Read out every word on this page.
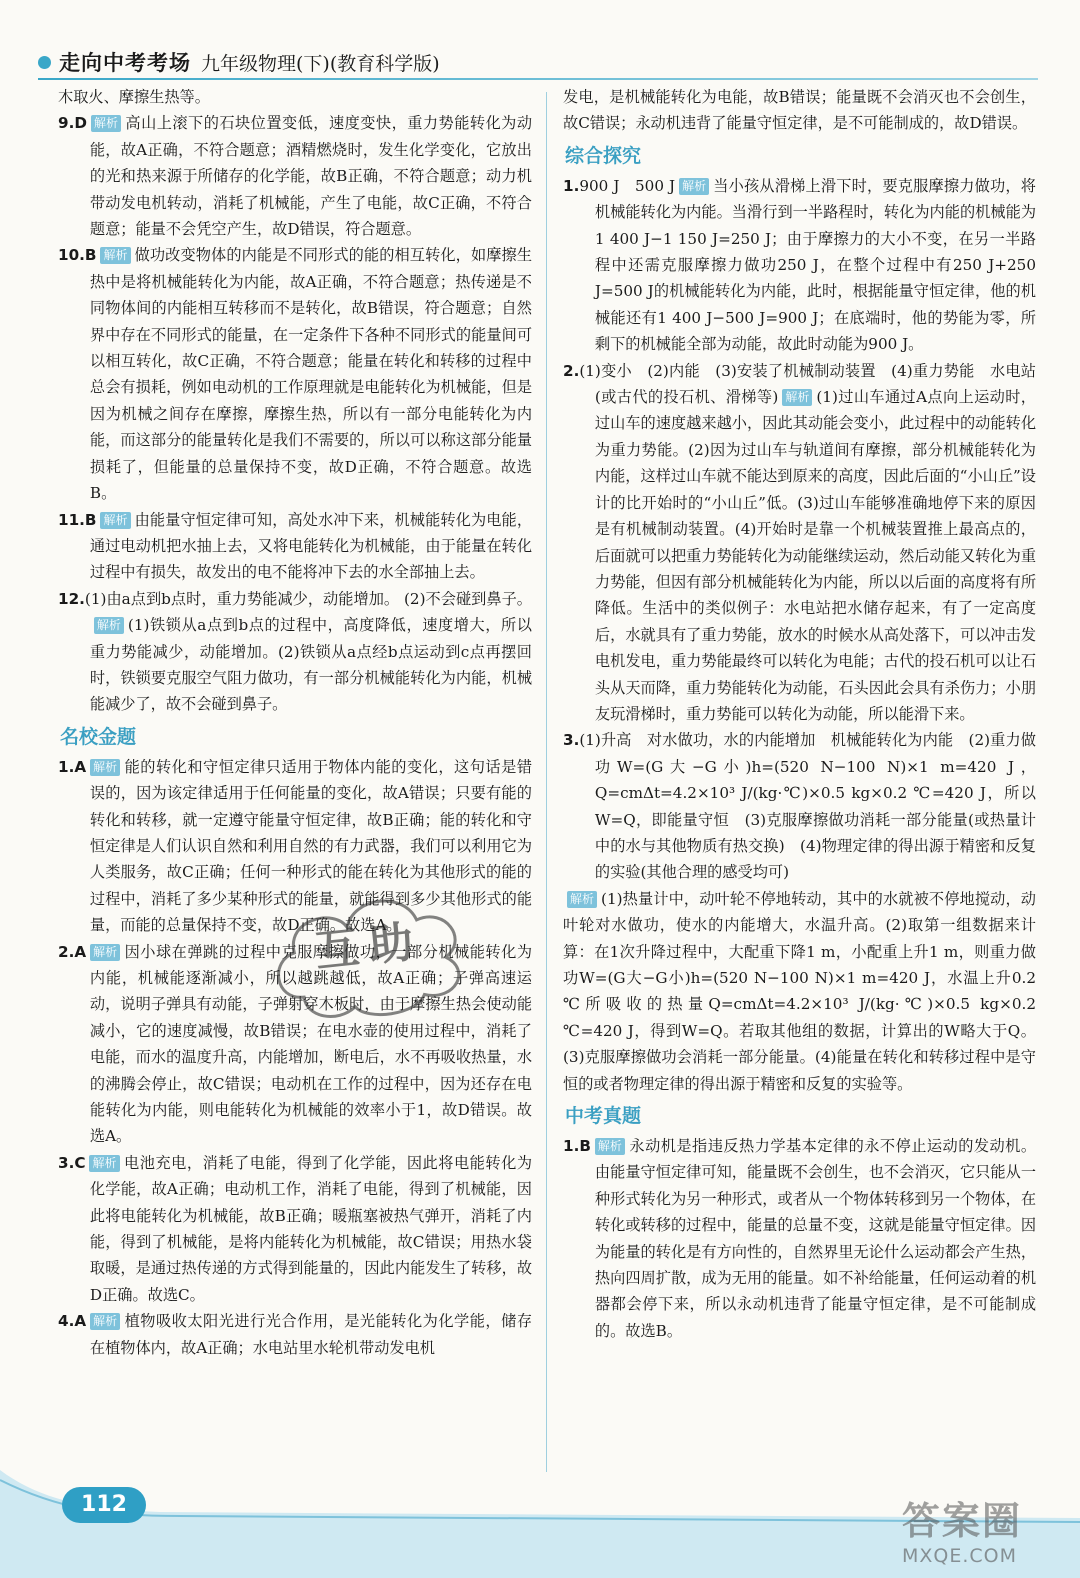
走向中考考场 九年级物理(下)(教育科学版)
木取火、摩擦生热等。
9.D 解析 高山上滚下的石块位置变低，速度变快，重力势能转化为动能，故A正确，不符合题意；酒精燃烧时，发生化学变化，它放出的光和热来源于所储存的化学能，故B正确，不符合题意；动力机带动发电机转动，消耗了机械能，产生了电能，故C正确，不符合题意；能量不会凭空产生，故D错误，符合题意。
10.B 解析 做功改变物体的内能是不同形式的能的相互转化，如摩擦生热中是将机械能转化为内能，故A正确，不符合题意；热传递是不同物体间的内能相互转移而不是转化，故B错误，符合题意；自然界中存在不同形式的能量，在一定条件下各种不同形式的能量间可以相互转化，故C正确，不符合题意；能量在转化和转移的过程中总会有损耗，例如电动机的工作原理就是电能转化为机械能，但是因为机械之间存在摩擦，摩擦生热，所以有一部分电能转化为内能，而这部分的能量转化是我们不需要的，所以可以称这部分能量损耗了，但能量的总量保持不变，故D正确，不符合题意。故选B。
11.B 解析 由能量守恒定律可知，高处水冲下来，机械能转化为电能，通过电动机把水抽上去，又将电能转化为机械能，由于能量在转化过程中有损失，故发出的电不能将冲下去的水全部抽上去。
12.(1)由a点到b点时，重力势能减少，动能增加。 (2)不会碰到鼻子。解析 (1)铁锁从a点到b点的过程中，高度降低，速度增大，所以重力势能减少，动能增加。(2)铁锁从a点经b点运动到c点再摆回时，铁锁要克服空气阻力做功，有一部分机械能转化为内能，机械能减少了，故不会碰到鼻子。
名校金题
1.A 解析 能的转化和守恒定律只适用于物体内能的变化，这句话是错误的，因为该定律适用于任何能量的变化，故A错误；只要有能的转化和转移，就一定遵守能量守恒定律，故B正确；能的转化和守恒定律是人们认识自然和利用自然的有力武器，我们可以利用它为人类服务，故C正确；任何一种形式的能在转化为其他形式的能的过程中，消耗了多少某种形式的能量，就能得到多少其他形式的能量，而能的总量保持不变，故D正确。故选A。
2.A 解析 因小球在弹跳的过程中克服摩擦做功，一部分机械能转化为内能，机械能逐渐减小，所以越跳越低，故A正确；子弹高速运动，说明子弹具有动能，子弹射穿木板时，由于摩擦生热会使动能减小，它的速度减慢，故B错误；在电水壶的使用过程中，消耗了电能，而水的温度升高，内能增加，断电后，水不再吸收热量，水的沸腾会停止，故C错误；电动机在工作的过程中，因为还存在电能转化为内能，则电能转化为机械能的效率小于1，故D错误。故选A。
3.C 解析 电池充电，消耗了电能，得到了化学能，因此将电能转化为化学能，故A正确；电动机工作，消耗了电能，得到了机械能，因此将电能转化为机械能，故B正确；暖瓶塞被热气弹开，消耗了内能，得到了机械能，是将内能转化为机械能，故C错误；用热水袋取暖，是通过热传递的方式得到能量的，因此内能发生了转移，故D正确。故选C。
4.A 解析 植物吸收太阳光进行光合作用，是光能转化为化学能，储存在植物体内，故A正确；水电站里水轮机带动发电机
发电，是机械能转化为电能，故B错误；能量既不会消灭也不会创生，故C错误；永动机违背了能量守恒定律，是不可能制成的，故D错误。
综合探究
1.900 J　500 J 解析 当小孩从滑梯上滑下时，要克服摩擦力做功，将机械能转化为内能。当滑行到一半路程时，转化为内能的机械能为1 400 J−1 150 J=250 J；由于摩擦力的大小不变，在另一半路程中还需克服摩擦力做功250 J，在整个过程中有250 J+250 J=500 J的机械能转化为内能，此时，根据能量守恒定律，他的机械能还有1 400 J−500 J=900 J；在底端时，他的势能为零，所剩下的机械能全部为动能，故此时动能为900 J。
2.(1)变小　(2)内能　(3)安装了机械制动装置　(4)重力势能　水电站(或古代的投石机、滑梯等) 解析 (1)过山车通过A点向上运动时，过山车的速度越来越小，因此其动能会变小，此过程中的动能转化为重力势能。(2)因为过山车与轨道间有摩擦，部分机械能转化为内能，这样过山车就不能达到原来的高度，因此后面的“小山丘”设计的比开始时的“小山丘”低。(3)过山车能够准确地停下来的原因是有机械制动装置。(4)开始时是靠一个机械装置推上最高点的，后面就可以把重力势能转化为动能继续运动，然后动能又转化为重力势能，但因有部分机械能转化为内能，所以以后面的高度将有所降低。生活中的类似例子：水电站把水储存起来，有了一定高度后，水就具有了重力势能，放水的时候水从高处落下，可以冲击发电机发电，重力势能最终可以转化为电能；古代的投石机可以让石头从天而降，重力势能转化为动能，石头因此会具有杀伤力；小朋友玩滑梯时，重力势能可以转化为动能，所以能滑下来。
3.(1)升高　对水做功，水的内能增加　机械能转化为内能　(2)重力做功W=(G大−G小)h=(520 N−100 N)×1 m=420 J，Q=cmΔt=4.2×10³ J/(kg·℃)×0.5 kg×0.2 ℃=420 J，所以W=Q，即能量守恒　(3)克服摩擦做功消耗一部分能量(或热量计中的水与其他物质有热交换)　(4)物理定律的得出源于精密和反复的实验(其他合理的感受均可)
解析 (1)热量计中，动叶轮不停地转动，其中的水就被不停地搅动，动叶轮对水做功，使水的内能增大，水温升高。(2)取第一组数据来计算：在1次升降过程中，大配重下降1 m，小配重上升1 m，则重力做功W=(G大−G小)h=(520 N−100 N)×1 m=420 J，水温上升0.2 ℃所吸收的热量Q=cmΔt=4.2×10³ J/(kg·℃)×0.5 kg×0.2 ℃=420 J，得到W=Q。若取其他组的数据，计算出的W略大于Q。(3)克服摩擦做功会消耗一部分能量。(4)能量在转化和转移过程中是守恒的或者物理定律的得出源于精密和反复的实验等。
中考真题
1.B 解析 永动机是指违反热力学基本定律的永不停止运动的发动机。由能量守恒定律可知，能量既不会创生，也不会消灭，它只能从一种形式转化为另一种形式，或者从一个物体转移到另一个物体，在转化或转移的过程中，能量的总量不变，这就是能量守恒定律。因为能量的转化是有方向性的，自然界里无论什么运动都会产生热，热向四周扩散，成为无用的能量。如不补给能量，任何运动着的机器都会停下来，所以永动机违背了能量守恒定律，是不可能制成的。故选B。
互助
112	答案圈
MXQE.COM
